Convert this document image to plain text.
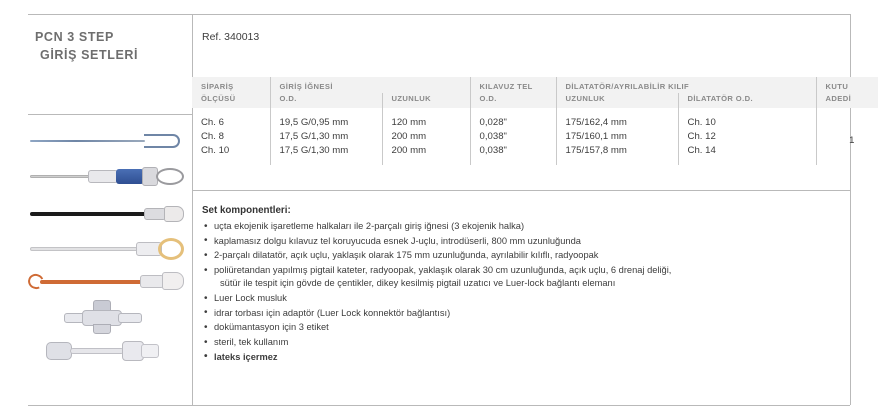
PCN 3 STEP
GİRİŞ SETLERİ
Ref. 340013
SİPARİŞ	GİRİŞ İĞNESİ		KILAVUZ TEL	DİLATATÖR/AYRILABİLİR KILIF		KUTU
ÖLÇÜSÜ	O.D.	UZUNLUK	O.D.	UZUNLUK	DİLATATÖR O.D.	ADEDİ
Ch. 6	19,5 G/0,95 mm	120 mm	0,028"	175/162,4 mm	Ch. 10	1
Ch. 8	17,5 G/1,30 mm	200 mm	0,038"	175/160,1 mm	Ch. 12	
Ch. 10	17,5 G/1,30 mm	200 mm	0,038"	175/157,8 mm	Ch. 14	
Set komponentleri:
• uçta ekojenik işaretleme halkaları ile 2-parçalı giriş iğnesi (3 ekojenik halka)
• kaplamasız dolgu kılavuz tel koruyucuda esnek J-uçlu, introdüserli, 800 mm uzunluğunda
• 2-parçalı dilatatör, açık uçlu, yaklaşık olarak 175 mm uzunluğunda, ayrılabilir kılıflı, radyoopak
• poliüretandan yapılmış pigtail kateter, radyoopak, yaklaşık olarak 30 cm uzunluğunda, açık uçlu, 6 drenaj deliği,
sütür ile tespit için gövde de çentikler, dikey kesilmiş pigtail uzatıcı ve Luer-lock bağlantı elemanı
• Luer Lock musluk
• idrar torbası için adaptör (Luer Lock konnektör bağlantısı)
• dokümantasyon için 3 etiket
• steril, tek kullanım
• lateks içermez
